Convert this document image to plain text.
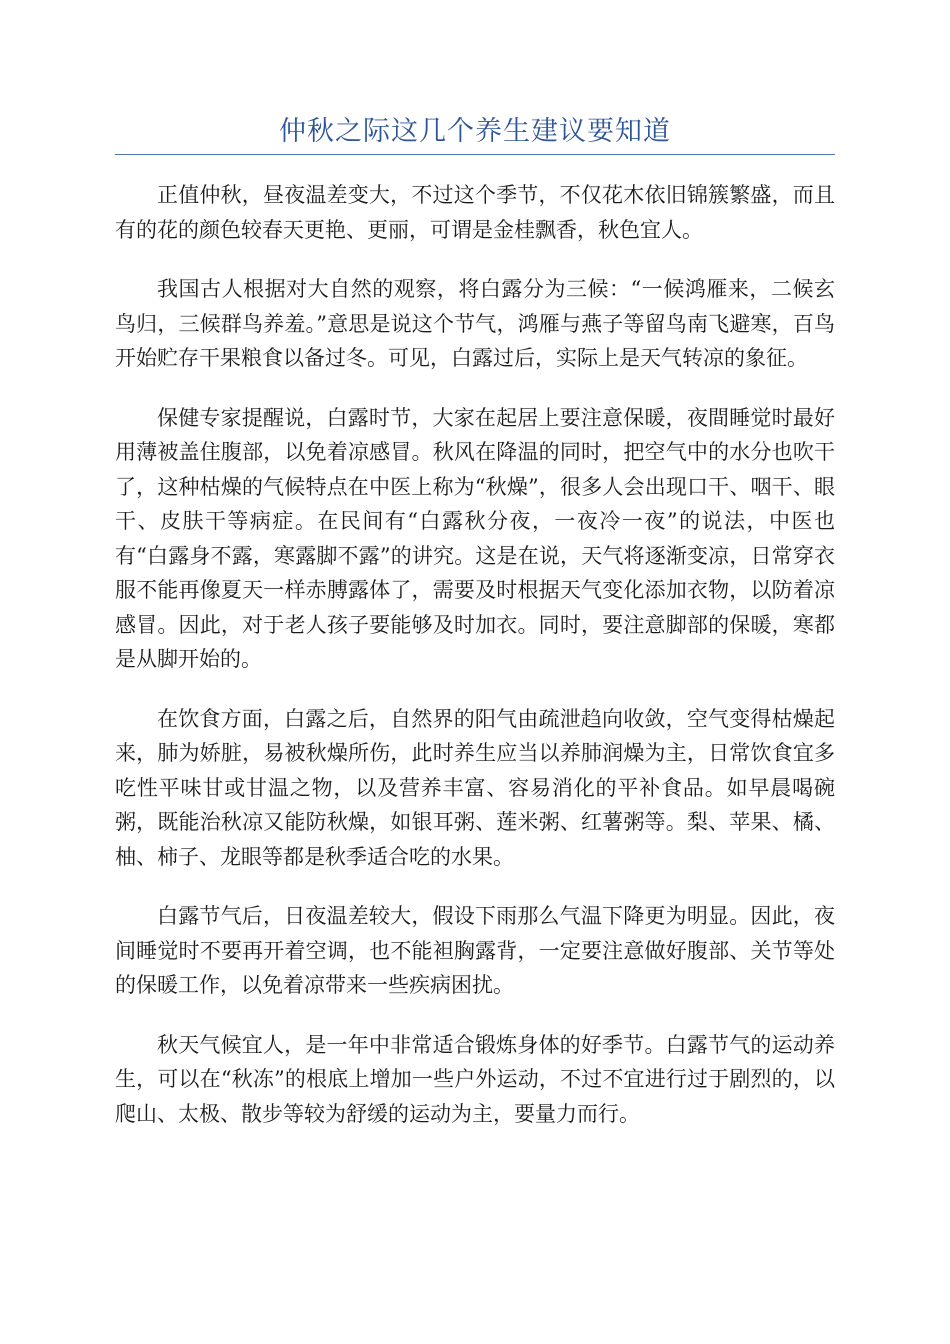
仲秋之际这几个养生建议要知道

正值仲秋，昼夜温差变大，不过这个季节，不仅花木依旧锦簇繁盛，而且有的花的颜色较春天更艳、更丽，可谓是金桂飘香，秋色宜人。

我国古人根据对大自然的观察，将白露分为三候：“一候鸿雁来，二候玄鸟归，三候群鸟养羞。”意思是说这个节气，鸿雁与燕子等留鸟南飞避寒，百鸟开始贮存干果粮食以备过冬。可见，白露过后，实际上是天气转凉的象征。

保健专家提醒说，白露时节，大家在起居上要注意保暖，夜間睡觉时最好用薄被盖住腹部，以免着凉感冒。秋风在降温的同时，把空气中的水分也吹干了，这种枯燥的气候特点在中医上称为“秋燥”，很多人会出现口干、咽干、眼干、皮肤干等病症。在民间有“白露秋分夜，一夜冷一夜”的说法，中医也有“白露身不露，寒露脚不露”的讲究。这是在说，天气将逐渐变凉，日常穿衣服不能再像夏天一样赤膊露体了，需要及时根据天气变化添加衣物，以防着凉感冒。因此，对于老人孩子要能够及时加衣。同时，要注意脚部的保暖，寒都是从脚开始的。

在饮食方面，白露之后，自然界的阳气由疏泄趋向收敛，空气变得枯燥起来，肺为娇脏，易被秋燥所伤，此时养生应当以养肺润燥为主，日常饮食宜多吃性平味甘或甘温之物，以及营养丰富、容易消化的平补食品。如早晨喝碗粥，既能治秋凉又能防秋燥，如银耳粥、莲米粥、红薯粥等。梨、苹果、橘、柚、柿子、龙眼等都是秋季适合吃的水果。

白露节气后，日夜温差较大，假设下雨那么气温下降更为明显。因此，夜间睡觉时不要再开着空调，也不能袒胸露背，一定要注意做好腹部、关节等处的保暖工作，以免着凉带来一些疾病困扰。

秋天气候宜人，是一年中非常适合锻炼身体的好季节。白露节气的运动养生，可以在“秋冻”的根底上增加一些户外运动，不过不宜进行过于剧烈的，以爬山、太极、散步等较为舒缓的运动为主，要量力而行。
